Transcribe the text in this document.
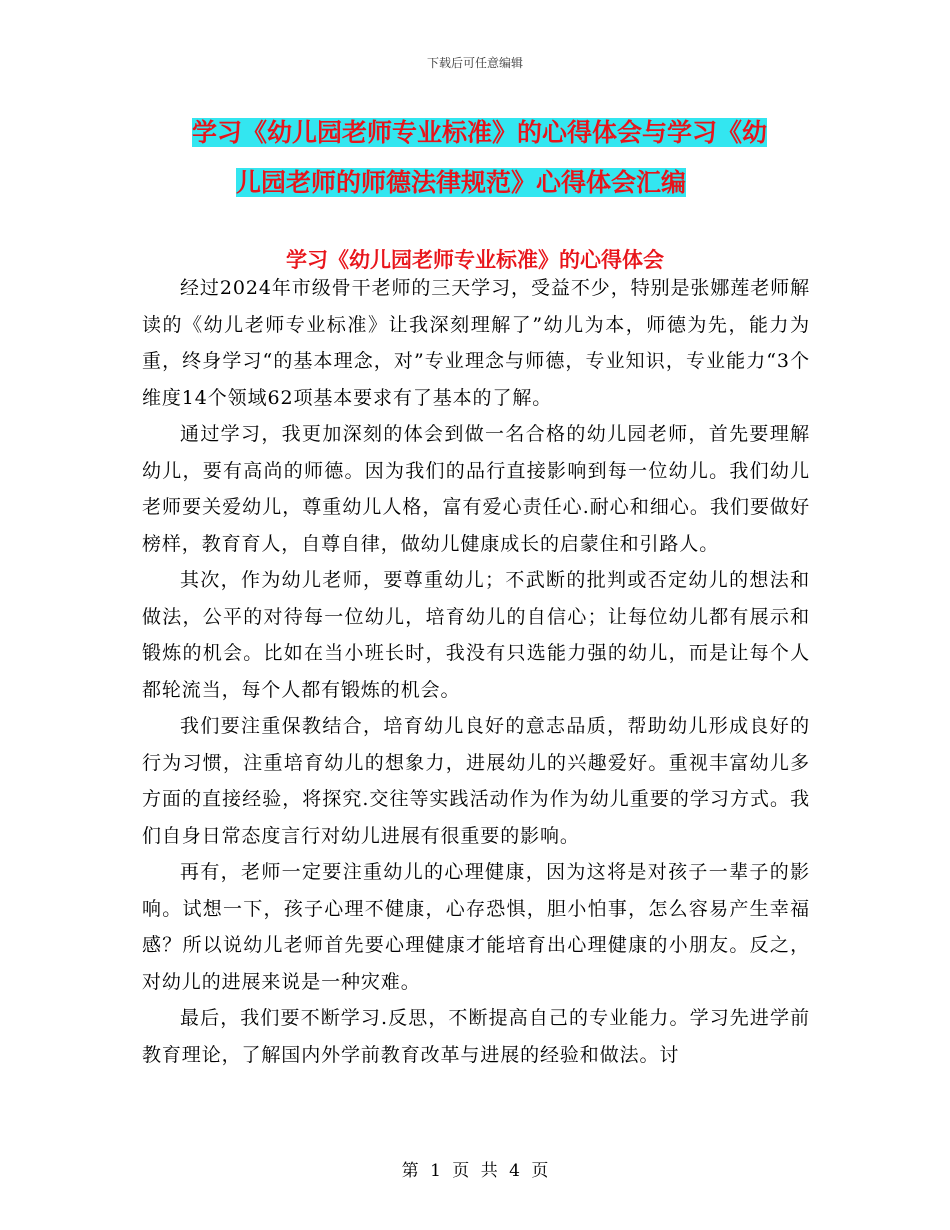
下载后可任意编辑
学习《幼儿园老师专业标准》的心得体会与学习《幼
儿园老师的师德法律规范》心得体会汇编
学习《幼儿园老师专业标准》的心得体会

经过2024年市级骨干老师的三天学习，受益不少，特别是张娜莲老师解读的《幼儿老师专业标准》让我深刻理解了”幼儿为本，师德为先，能力为重，终身学习“的基本理念，对”专业理念与师德，专业知识，专业能力“3个维度14个领域62项基本要求有了基本的了解。

通过学习，我更加深刻的体会到做一名合格的幼儿园老师，首先要理解幼儿，要有高尚的师德。因为我们的品行直接影响到每一位幼儿。我们幼儿老师要关爱幼儿，尊重幼儿人格，富有爱心责任心.耐心和细心。我们要做好榜样，教育育人，自尊自律，做幼儿健康成长的启蒙住和引路人。

其次，作为幼儿老师，要尊重幼儿；不武断的批判或否定幼儿的想法和做法，公平的对待每一位幼儿，培育幼儿的自信心；让每位幼儿都有展示和锻炼的机会。比如在当小班长时，我没有只选能力强的幼儿，而是让每个人都轮流当，每个人都有锻炼的机会。

我们要注重保教结合，培育幼儿良好的意志品质，帮助幼儿形成良好的行为习惯，注重培育幼儿的想象力，进展幼儿的兴趣爱好。重视丰富幼儿多方面的直接经验，将探究.交往等实践活动作为作为幼儿重要的学习方式。我们自身日常态度言行对幼儿进展有很重要的影响。

再有，老师一定要注重幼儿的心理健康，因为这将是对孩子一辈子的影响。试想一下，孩子心理不健康，心存恐惧，胆小怕事，怎么容易产生幸福感？所以说幼儿老师首先要心理健康才能培育出心理健康的小朋友。反之，对幼儿的进展来说是一种灾难。

最后，我们要不断学习.反思，不断提高自己的专业能力。学习先进学前教育理论，了解国内外学前教育改革与进展的经验和做法。讨

第 1 页 共 4 页
